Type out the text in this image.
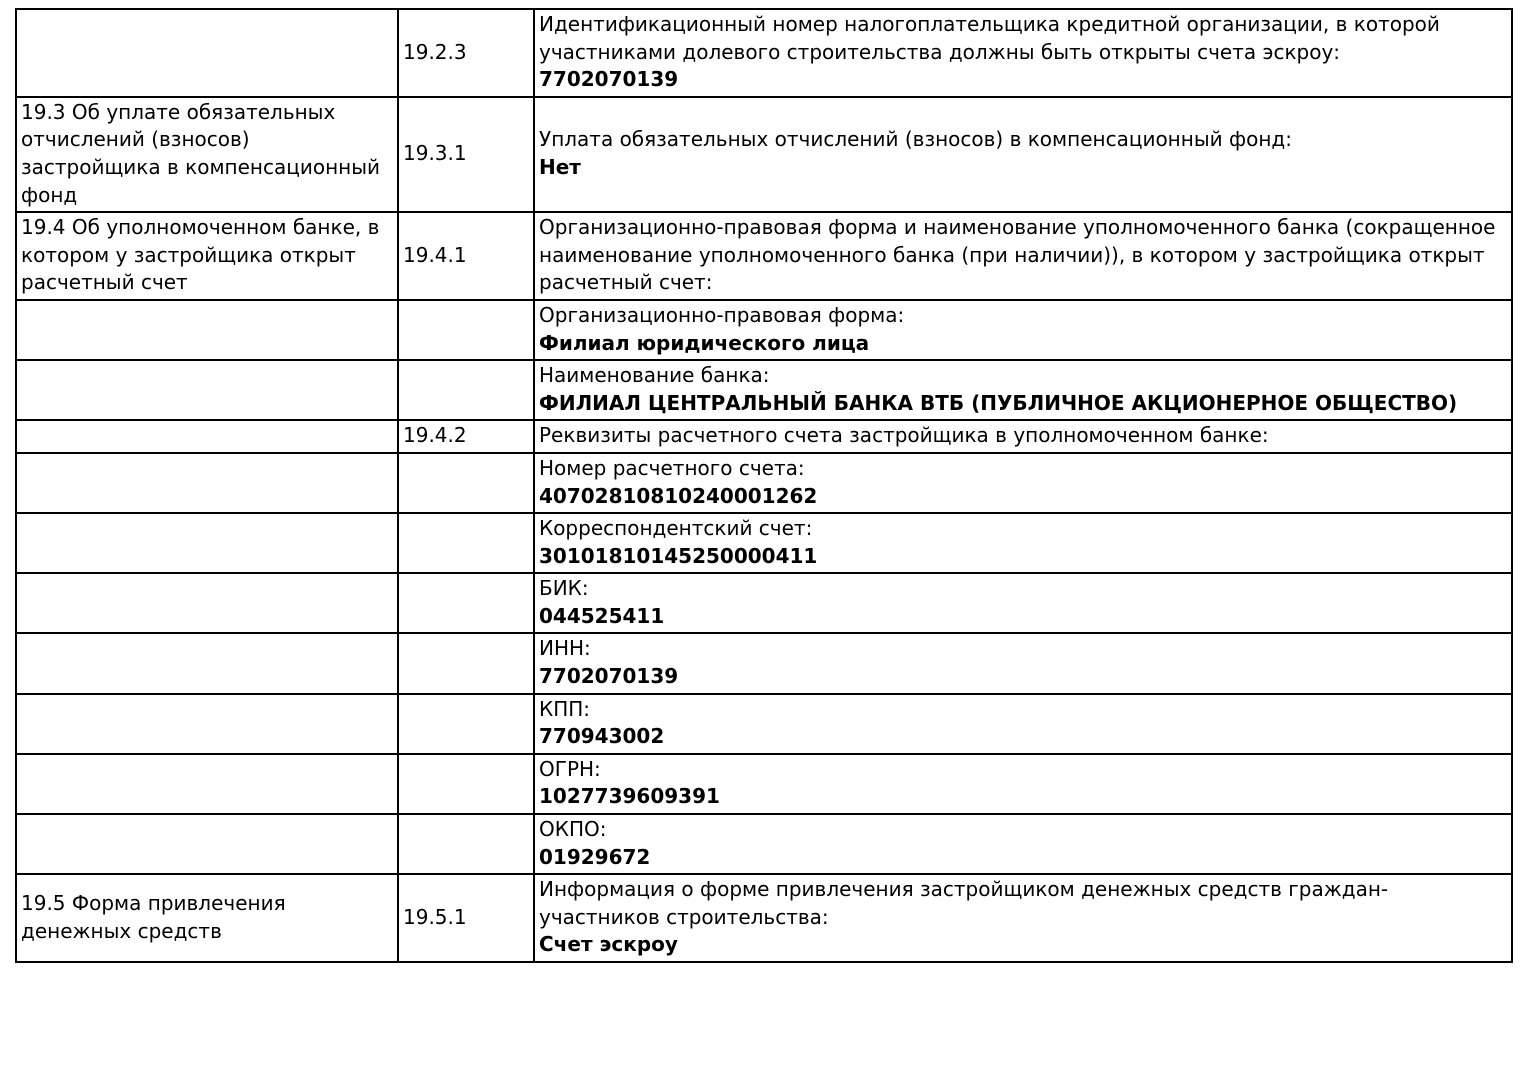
	19.2.3	Идентификационный номер налогоплательщика кредитной организации, в которой участниками долевого строительства должны быть открыты счета эскроу:
7702070139

19.3 Об уплате обязательных отчислений (взносов) застройщика в компенсационный фонд	19.3.1	Уплата обязательных отчислений (взносов) в компенсационный фонд:
Нет

19.4 Об уполномоченном банке, в котором у застройщика открыт расчетный счет	19.4.1	Организационно-правовая форма и наименование уполномоченного банка (сокращенное наименование уполномоченного банка (при наличии)), в котором у застройщика открыт расчетный счет:

		Организационно-правовая форма:
Филиал юридического лица

		Наименование банка:
ФИЛИАЛ ЦЕНТРАЛЬНЫЙ БАНКА ВТБ (ПУБЛИЧНОЕ АКЦИОНЕРНОЕ ОБЩЕСТВО)

	19.4.2	Реквизиты расчетного счета застройщика в уполномоченном банке:

		Номер расчетного счета:
40702810810240001262

		Корреспондентский счет:
30101810145250000411

		БИК:
044525411

		ИНН:
7702070139

		КПП:
770943002

		ОГРН:
1027739609391

		ОКПО:
01929672

19.5 Форма привлечения денежных средств	19.5.1	Информация о форме привлечения застройщиком денежных средств граждан-участников строительства:
Счет эскроу
